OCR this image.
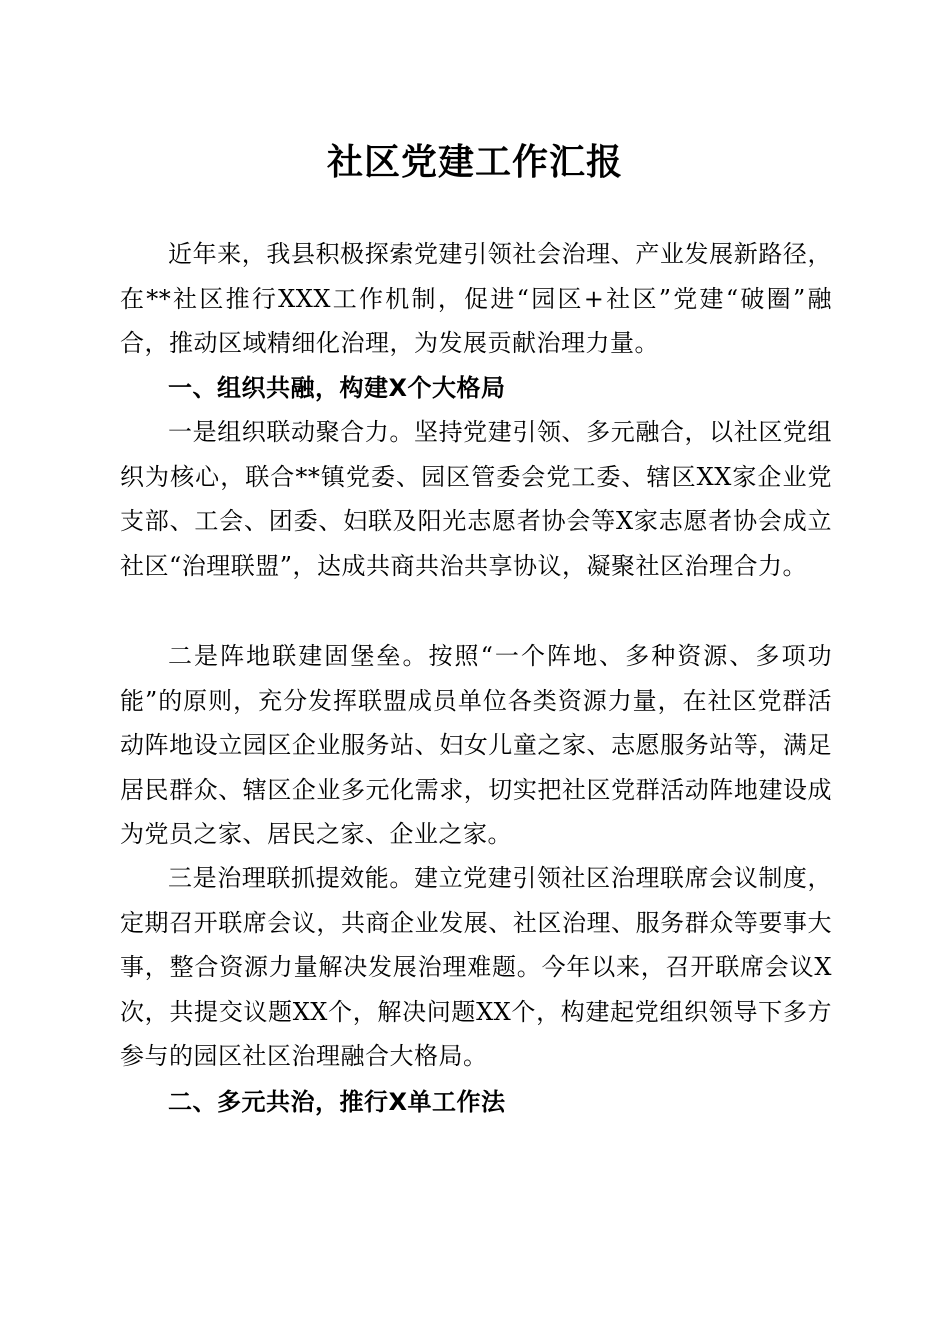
社区党建工作汇报

近年来，我县积极探索党建引领社会治理、产业发展新路径，在**社区推行XXX工作机制，促进“园区+社区”党建“破圈”融合，推动区域精细化治理，为发展贡献治理力量。

一、组织共融，构建X个大格局

一是组织联动聚合力。坚持党建引领、多元融合，以社区党组织为核心，联合**镇党委、园区管委会党工委、辖区XX家企业党支部、工会、团委、妇联及阳光志愿者协会等X家志愿者协会成立社区“治理联盟”，达成共商共治共享协议，凝聚社区治理合力。

二是阵地联建固堡垒。按照“一个阵地、多种资源、多项功能”的原则，充分发挥联盟成员单位各类资源力量，在社区党群活动阵地设立园区企业服务站、妇女儿童之家、志愿服务站等，满足居民群众、辖区企业多元化需求，切实把社区党群活动阵地建设成为党员之家、居民之家、企业之家。

三是治理联抓提效能。建立党建引领社区治理联席会议制度，定期召开联席会议，共商企业发展、社区治理、服务群众等要事大事，整合资源力量解决发展治理难题。今年以来，召开联席会议X次，共提交议题XX个，解决问题XX个，构建起党组织领导下多方参与的园区社区治理融合大格局。

二、多元共治，推行X单工作法
